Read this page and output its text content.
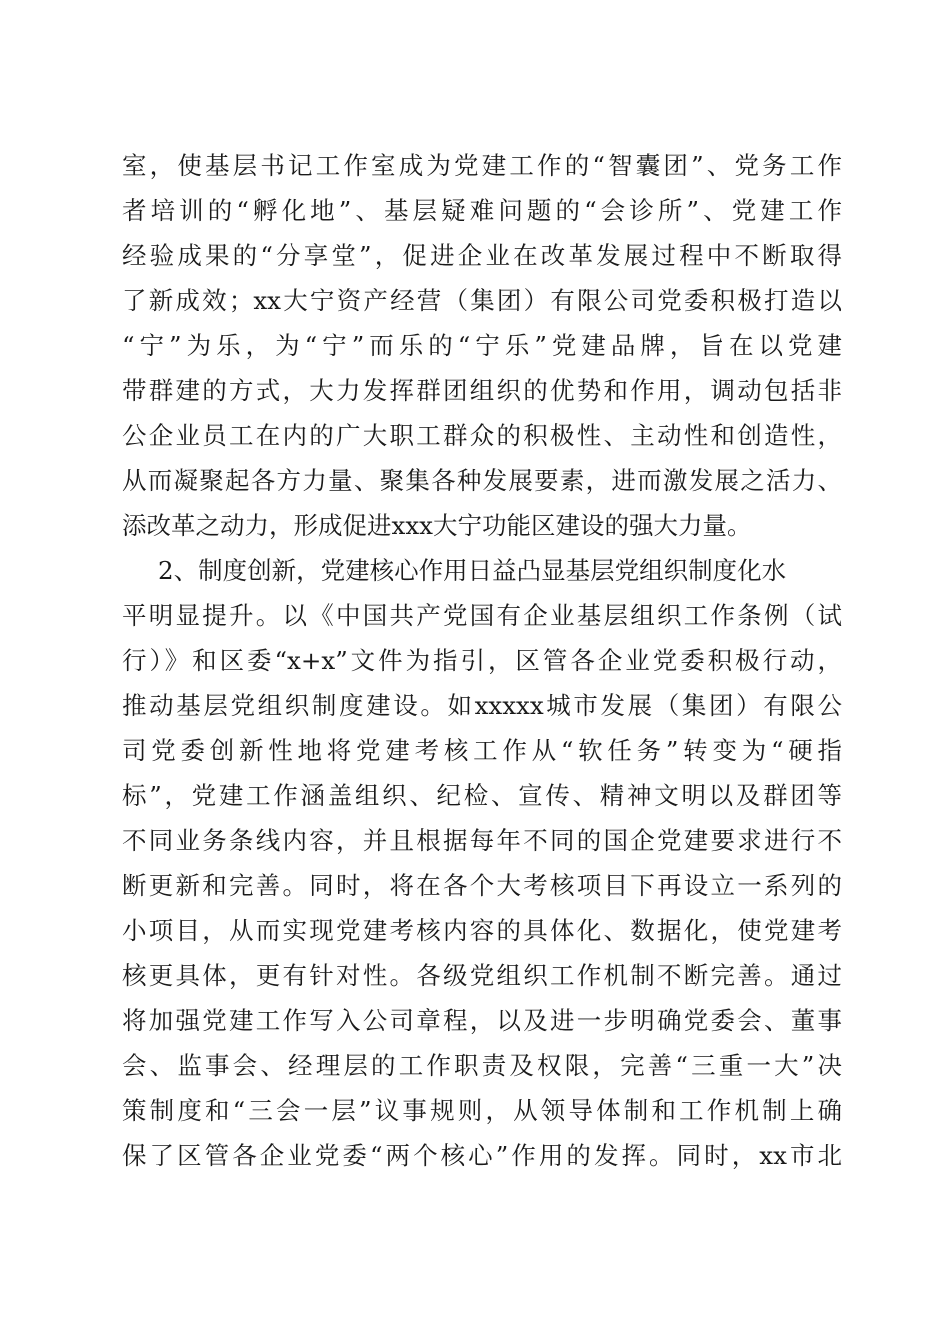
室，使基层书记工作室成为党建工作的“智囊团”、党务工作
者培训的“孵化地”、基层疑难问题的“会诊所”、党建工作
经验成果的“分享堂”，促进企业在改革发展过程中不断取得
了新成效；xx大宁资产经营（集团）有限公司党委积极打造以
“宁”为乐，为“宁”而乐的“宁乐”党建品牌，旨在以党建
带群建的方式，大力发挥群团组织的优势和作用，调动包括非
公企业员工在内的广大职工群众的积极性、主动性和创造性，
从而凝聚起各方力量、聚集各种发展要素，进而激发展之活力、
添改革之动力，形成促进xxx大宁功能区建设的强大力量。
2、制度创新，党建核心作用日益凸显基层党组织制度化水
平明显提升。以《中国共产党国有企业基层组织工作条例（试
行）》和区委“x+x”文件为指引，区管各企业党委积极行动，
推动基层党组织制度建设。如xxxxx城市发展（集团）有限公
司党委创新性地将党建考核工作从“软任务”转变为“硬指
标”，党建工作涵盖组织、纪检、宣传、精神文明以及群团等
不同业务条线内容，并且根据每年不同的国企党建要求进行不
断更新和完善。同时，将在各个大考核项目下再设立一系列的
小项目，从而实现党建考核内容的具体化、数据化，使党建考
核更具体，更有针对性。各级党组织工作机制不断完善。通过
将加强党建工作写入公司章程，以及进一步明确党委会、董事
会、监事会、经理层的工作职责及权限，完善“三重一大”决
策制度和“三会一层”议事规则，从领导体制和工作机制上确
保了区管各企业党委“两个核心”作用的发挥。同时，xx市北
